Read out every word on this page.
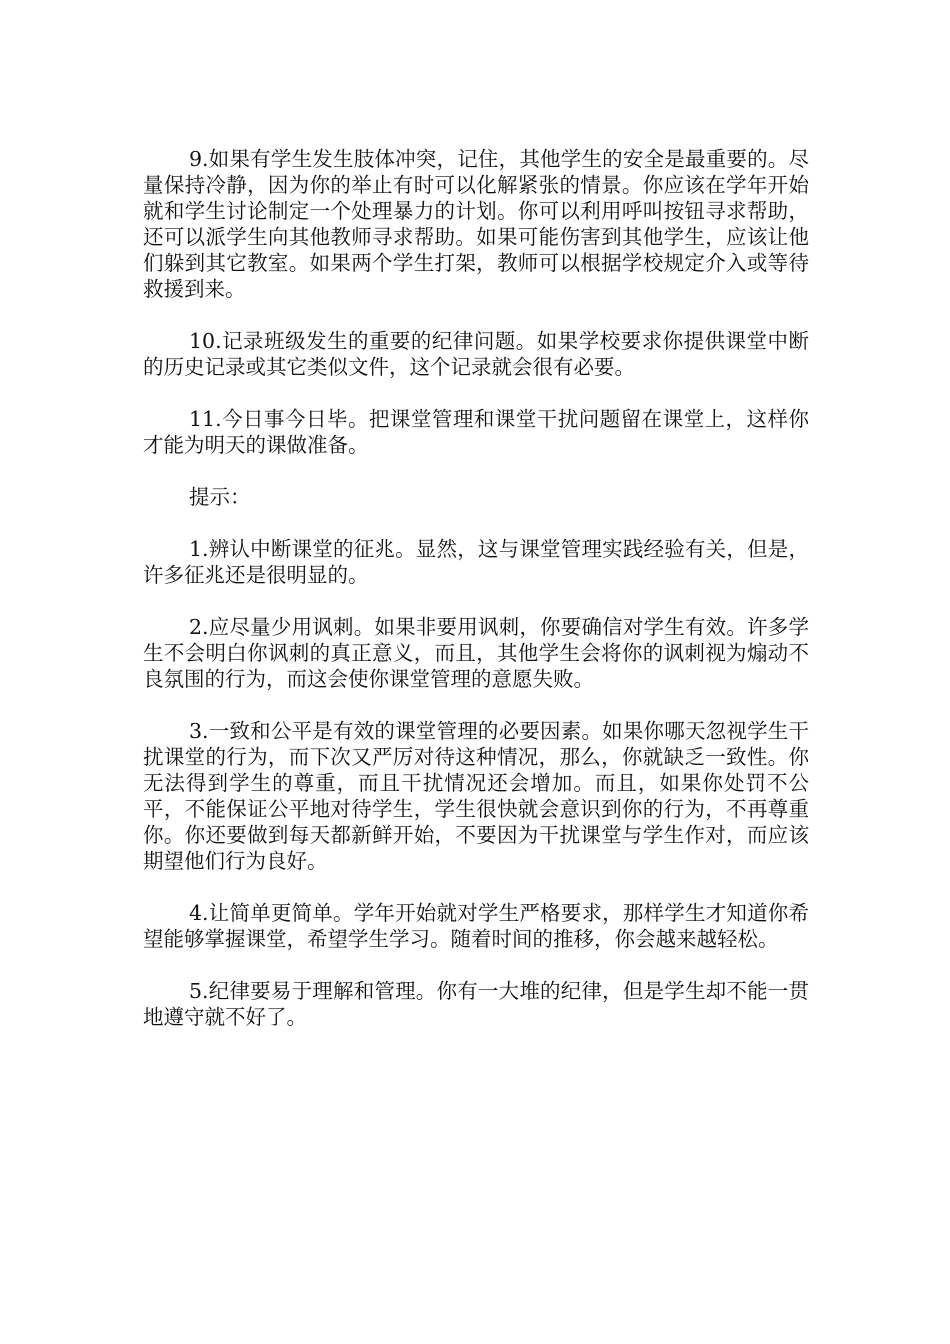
9.如果有学生发生肢体冲突，记住，其他学生的安全是最重要的。尽量保持冷静，因为你的举止有时可以化解紧张的情景。你应该在学年开始就和学生讨论制定一个处理暴力的计划。你可以利用呼叫按钮寻求帮助，还可以派学生向其他教师寻求帮助。如果可能伤害到其他学生，应该让他们躲到其它教室。如果两个学生打架，教师可以根据学校规定介入或等待救援到来。

10.记录班级发生的重要的纪律问题。如果学校要求你提供课堂中断的历史记录或其它类似文件，这个记录就会很有必要。

11.今日事今日毕。把课堂管理和课堂干扰问题留在课堂上，这样你才能为明天的课做准备。

提示：

1.辨认中断课堂的征兆。显然，这与课堂管理实践经验有关，但是，许多征兆还是很明显的。

2.应尽量少用讽刺。如果非要用讽刺，你要确信对学生有效。许多学生不会明白你讽刺的真正意义，而且，其他学生会将你的讽刺视为煽动不良氛围的行为，而这会使你课堂管理的意愿失败。

3.一致和公平是有效的课堂管理的必要因素。如果你哪天忽视学生干扰课堂的行为，而下次又严厉对待这种情况，那么，你就缺乏一致性。你无法得到学生的尊重，而且干扰情况还会增加。而且，如果你处罚不公平，不能保证公平地对待学生，学生很快就会意识到你的行为，不再尊重你。你还要做到每天都新鲜开始，不要因为干扰课堂与学生作对，而应该期望他们行为良好。

4.让简单更简单。学年开始就对学生严格要求，那样学生才知道你希望能够掌握课堂，希望学生学习。随着时间的推移，你会越来越轻松。

5.纪律要易于理解和管理。你有一大堆的纪律，但是学生却不能一贯地遵守就不好了。
